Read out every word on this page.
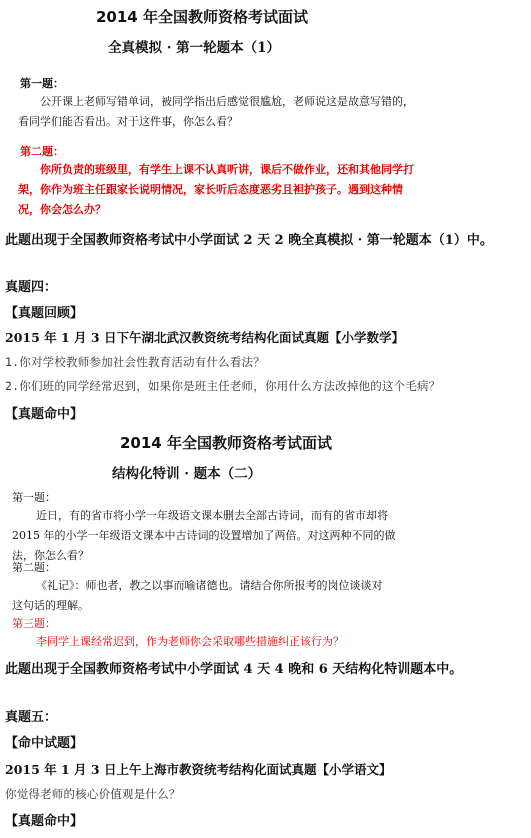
2014 年全国教师资格考试面试
全真模拟 · 第一轮题本（1）
第一题：
公开课上老师写错单词，被同学指出后感觉很尴尬，老师说这是故意写错的，看同学们能否看出。对于这件事，你怎么看？
第二题：
你所负责的班级里，有学生上课不认真听讲，课后不做作业，还和其他同学打架，你作为班主任跟家长说明情况，家长听后态度恶劣且袒护孩子。遇到这种情况，你会怎么办？
此题出现于全国教师资格考试中小学面试 2 天 2 晚全真模拟 · 第一轮题本（1）中。
真题四：
【真题回顾】
2015 年 1 月 3 日下午湖北武汉教资统考结构化面试真题【小学数学】
1.你对学校教师参加社会性教育活动有什么看法？
2.你们班的同学经常迟到，如果你是班主任老师，你用什么方法改掉他的这个毛病？
【真题命中】
2014 年全国教师资格考试面试
结构化特训 · 题本（二）
第一题：
近日，有的省市将小学一年级语文课本删去全部古诗词，而有的省市却将 2015 年的小学一年级语文课本中古诗词的设置增加了两倍。对这两种不同的做法，你怎么看？
第二题：
《礼记》：师也者，教之以事而喻诸德也。请结合你所报考的岗位谈谈对这句话的理解。
第三题：
李同学上课经常迟到，作为老师你会采取哪些措施纠正该行为？
此题出现于全国教师资格考试中小学面试 4 天 4 晚和 6 天结构化特训题本中。
真题五：
【命中试题】
2015 年 1 月 3 日上午上海市教资统考结构化面试真题【小学语文】
你觉得老师的核心价值观是什么？
【真题命中】
